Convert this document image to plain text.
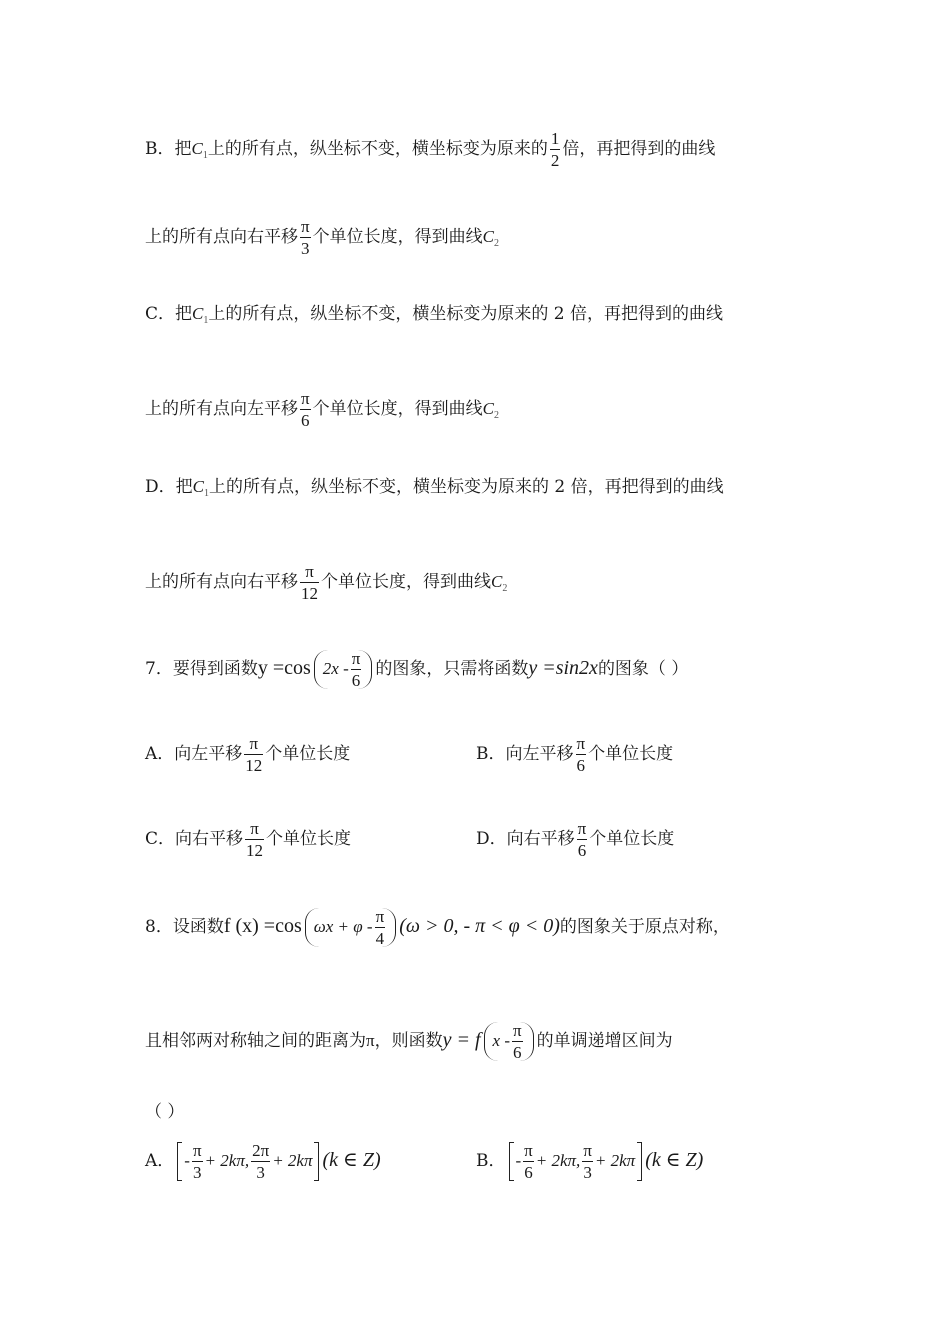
B．把$C_1$上的所有点，纵坐标不变，横坐标变为原来的 $\frac{1}{2}$ 倍，再把得到的曲线
上的所有点向右平移 $\frac{\pi}{3}$ 个单位长度，得到曲线$C_2$
C．把$C_1$上的所有点，纵坐标不变，横坐标变为原来的 2 倍，再把得到的曲线
上的所有点向左平移 $\frac{\pi}{6}$ 个单位长度，得到曲线$C_2$
D．把$C_1$上的所有点，纵坐标不变，横坐标变为原来的 2 倍，再把得到的曲线
上的所有点向右平移 $\frac{\pi}{12}$ 个单位长度，得到曲线$C_2$
7．要得到函数y =cos $2x - \frac{\pi}{6}$ 的图象，只需将函数y =sin2x的图象（ ）
A．向左平移 $\frac{\pi}{12}$ 个单位长度	B．向左平移 $\frac{\pi}{6}$ 个单位长度
C．向右平移 $\frac{\pi}{12}$ 个单位长度	D．向右平移 $\frac{\pi}{6}$ 个单位长度
8．设函数f (x) =cos $\omega x + \varphi - \frac{\pi}{4} (\omega > 0$, - π < φ < 0)的图象关于原点对称，
且相邻两对称轴之间的距离为π，则函数y = f x - $\frac{\pi}{6}$ 的单调递增区间为
（ ）
A． - $\frac{\pi}{3} + 2k\pi$, $\frac{2\pi}{3} + 2k\pi$ (k ∈ Z)	B． - $\frac{\pi}{6} + 2k\pi$, $\frac{\pi}{3} + 2k\pi$ (k ∈ Z)
